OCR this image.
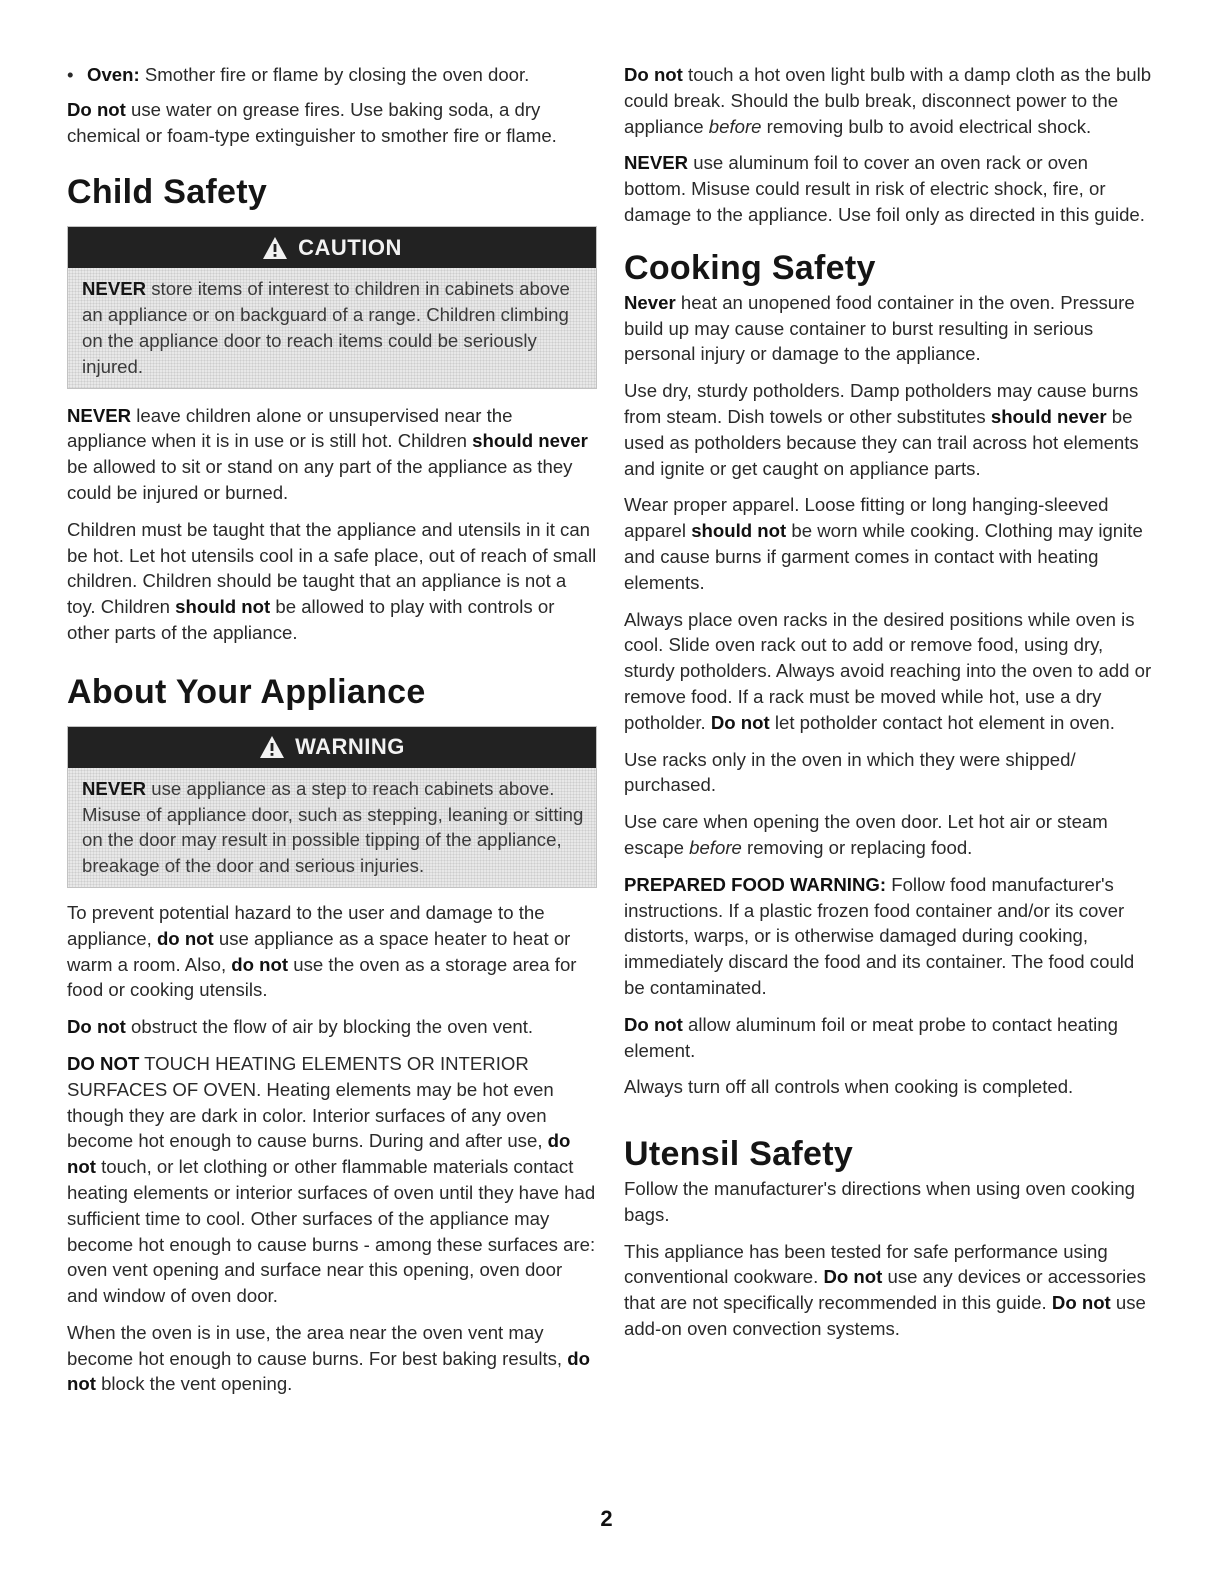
• Oven: Smother fire or flame by closing the oven door.

Do not use water on grease fires. Use baking soda, a dry chemical or foam-type extinguisher to smother fire or flame.

Child Safety
CAUTION
NEVER store items of interest to children in cabinets above an appliance or on backguard of a range. Children climbing on the appliance door to reach items could be seriously injured.

NEVER leave children alone or unsupervised near the appliance when it is in use or is still hot. Children should never be allowed to sit or stand on any part of the appliance as they could be injured or burned.

Children must be taught that the appliance and utensils in it can be hot. Let hot utensils cool in a safe place, out of reach of small children. Children should be taught that an appliance is not a toy. Children should not be allowed to play with controls or other parts of the appliance.

About Your Appliance
WARNING
NEVER use appliance as a step to reach cabinets above. Misuse of appliance door, such as stepping, leaning or sitting on the door may result in possible tipping of the appliance, breakage of the door and serious injuries.

To prevent potential hazard to the user and damage to the appliance, do not use appliance as a space heater to heat or warm a room. Also, do not use the oven as a storage area for food or cooking utensils.

Do not obstruct the flow of air by blocking the oven vent.

DO NOT TOUCH HEATING ELEMENTS OR INTERIOR SURFACES OF OVEN. Heating elements may be hot even though they are dark in color. Interior surfaces of any oven become hot enough to cause burns. During and after use, do not touch, or let clothing or other flammable materials contact heating elements or interior surfaces of oven until they have had sufficient time to cool. Other surfaces of the appliance may become hot enough to cause burns - among these surfaces are: oven vent opening and surface near this opening, oven door and window of oven door.

When the oven is in use, the area near the oven vent may become hot enough to cause burns. For best baking results, do not block the vent opening.

Do not touch a hot oven light bulb with a damp cloth as the bulb could break. Should the bulb break, disconnect power to the appliance before removing bulb to avoid electrical shock.

NEVER use aluminum foil to cover an oven rack or oven bottom. Misuse could result in risk of electric shock, fire, or damage to the appliance. Use foil only as directed in this guide.

Cooking Safety

Never heat an unopened food container in the oven. Pressure build up may cause container to burst resulting in serious personal injury or damage to the appliance.

Use dry, sturdy potholders. Damp potholders may cause burns from steam. Dish towels or other substitutes should never be used as potholders because they can trail across hot elements and ignite or get caught on appliance parts.

Wear proper apparel. Loose fitting or long hanging-sleeved apparel should not be worn while cooking. Clothing may ignite and cause burns if garment comes in contact with heating elements.

Always place oven racks in the desired positions while oven is cool. Slide oven rack out to add or remove food, using dry, sturdy potholders. Always avoid reaching into the oven to add or remove food. If a rack must be moved while hot, use a dry potholder. Do not let potholder contact hot element in oven.

Use racks only in the oven in which they were shipped/ purchased.

Use care when opening the oven door. Let hot air or steam escape before removing or replacing food.

PREPARED FOOD WARNING: Follow food manufacturer's instructions. If a plastic frozen food container and/or its cover distorts, warps, or is otherwise damaged during cooking, immediately discard the food and its container. The food could be contaminated.

Do not allow aluminum foil or meat probe to contact heating element.

Always turn off all controls when cooking is completed.

Utensil Safety

Follow the manufacturer's directions when using oven cooking bags.

This appliance has been tested for safe performance using conventional cookware. Do not use any devices or accessories that are not specifically recommended in this guide. Do not use add-on oven convection systems.

2
